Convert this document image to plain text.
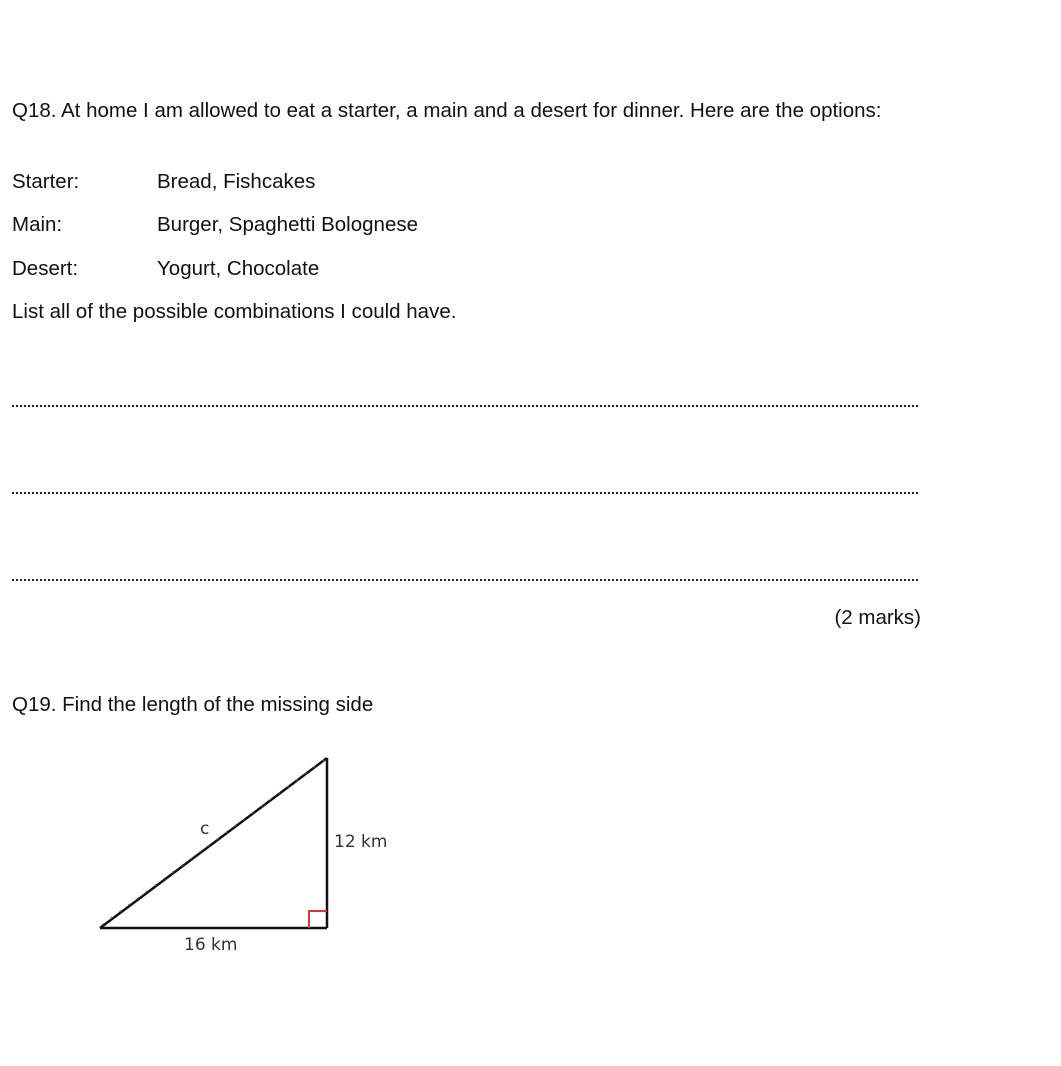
Q18. At home I am allowed to eat a starter, a main and a desert for dinner. Here are the options:
Starter:	Bread, Fishcakes
Main:	Burger, Spaghetti Bolognese
Desert:	Yogurt, Chocolate
List all of the possible combinations I could have.
(2 marks)
Q19. Find the length of the missing side
c
12 km
16 km
